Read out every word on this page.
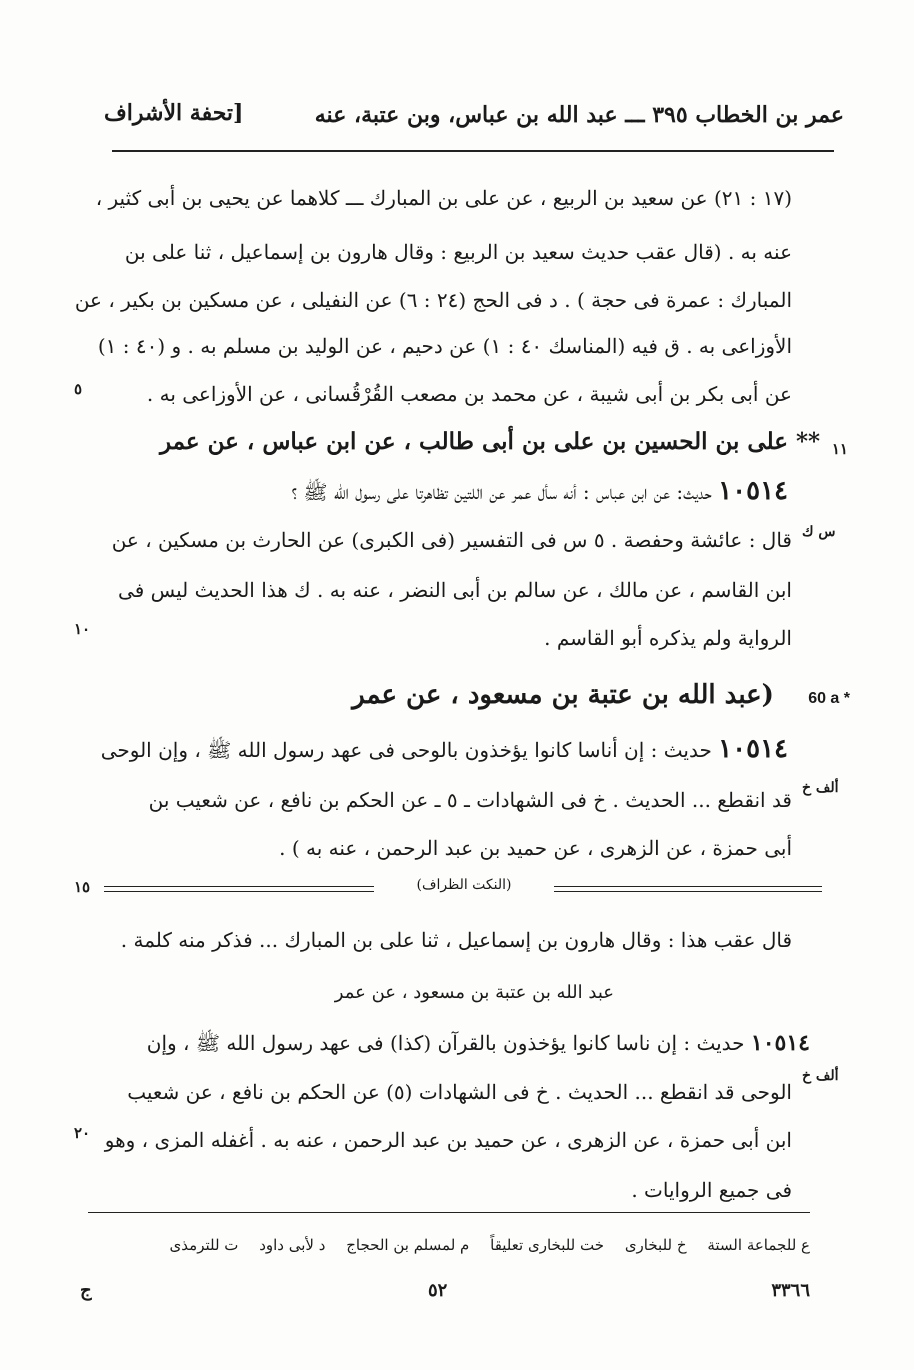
عمر بن الخطاب ٣٩٥ ـــ عبد الله بن عباس، وبن عتبة، عنه
[تحفة الأشراف
(١٧ : ٢١) عن سعيد بن الربيع ، عن على بن المبارك ـــ كلاهما عن يحيى بن أبى كثير ،
عنه به . (قال عقب حديث سعيد بن الربيع : وقال هارون بن إسماعيل ، ثنا على بن
المبارك : عمرة فى حجة ) . د فى الحج (٢٤ : ٦) عن النفيلى ، عن مسكين بن بكير ، عن
الأوزاعى به . ق فيه (المناسك ٤٠ : ١) عن دحيم ، عن الوليد بن مسلم به . و (٤٠ : ١)
عن أبى بكر بن أبى شيبة ، عن محمد بن مصعب القُرْقُسانى ، عن الأوزاعى به .
٥
** على بن الحسين بن على بن أبى طالب ، عن ابن عباس ، عن عمر ١١
١٠٥١٤ حديث: عن ابن عباس : أنه سأل عمر عن اللتين تظاهرتا على رسول الله ﷺ ؟
س ك
قال : عائشة وحفصة . ٥ س فى التفسير (فى الكبرى) عن الحارث بن مسكين ، عن
ابن القاسم ، عن مالك ، عن سالم بن أبى النضر ، عنه به . ك هذا الحديث ليس فى
الرواية ولم يذكره أبو القاسم .
١٠
(عبد الله بن عتبة بن مسعود ، عن عمر 60 a *
١٠٥١٤ حديث : إن أناسا كانوا يؤخذون بالوحى فى عهد رسول الله ﷺ ، وإن الوحى
ألف خ
قد انقطع ... الحديث . خ فى الشهادات ـ ٥ ـ عن الحكم بن نافع ، عن شعيب بن
أبى حمزة ، عن الزهرى ، عن حميد بن عبد الرحمن ، عنه به ) .
١٥	(النكت الظراف)
قال عقب هذا : وقال هارون بن إسماعيل ، ثنا على بن المبارك ... فذكر منه كلمة .
عبد الله بن عتبة بن مسعود ، عن عمر
١٠٥١٤ حديث : إن ناسا كانوا يؤخذون بالقرآن (كذا) فى عهد رسول الله ﷺ ، وإن
ألف خ
الوحى قد انقطع ... الحديث . خ فى الشهادات (٥) عن الحكم بن نافع ، عن شعيب
ابن أبى حمزة ، عن الزهرى ، عن حميد بن عبد الرحمن ، عنه به . أغفله المزى ، وهو
٢٠
فى جميع الروايات .
ع للجماعة الستة خ للبخارى خت للبخارى تعليقاً م لمسلم بن الحجاج د لأبى داود ت للترمذى
٣٣٦٦
٥٢
ج
